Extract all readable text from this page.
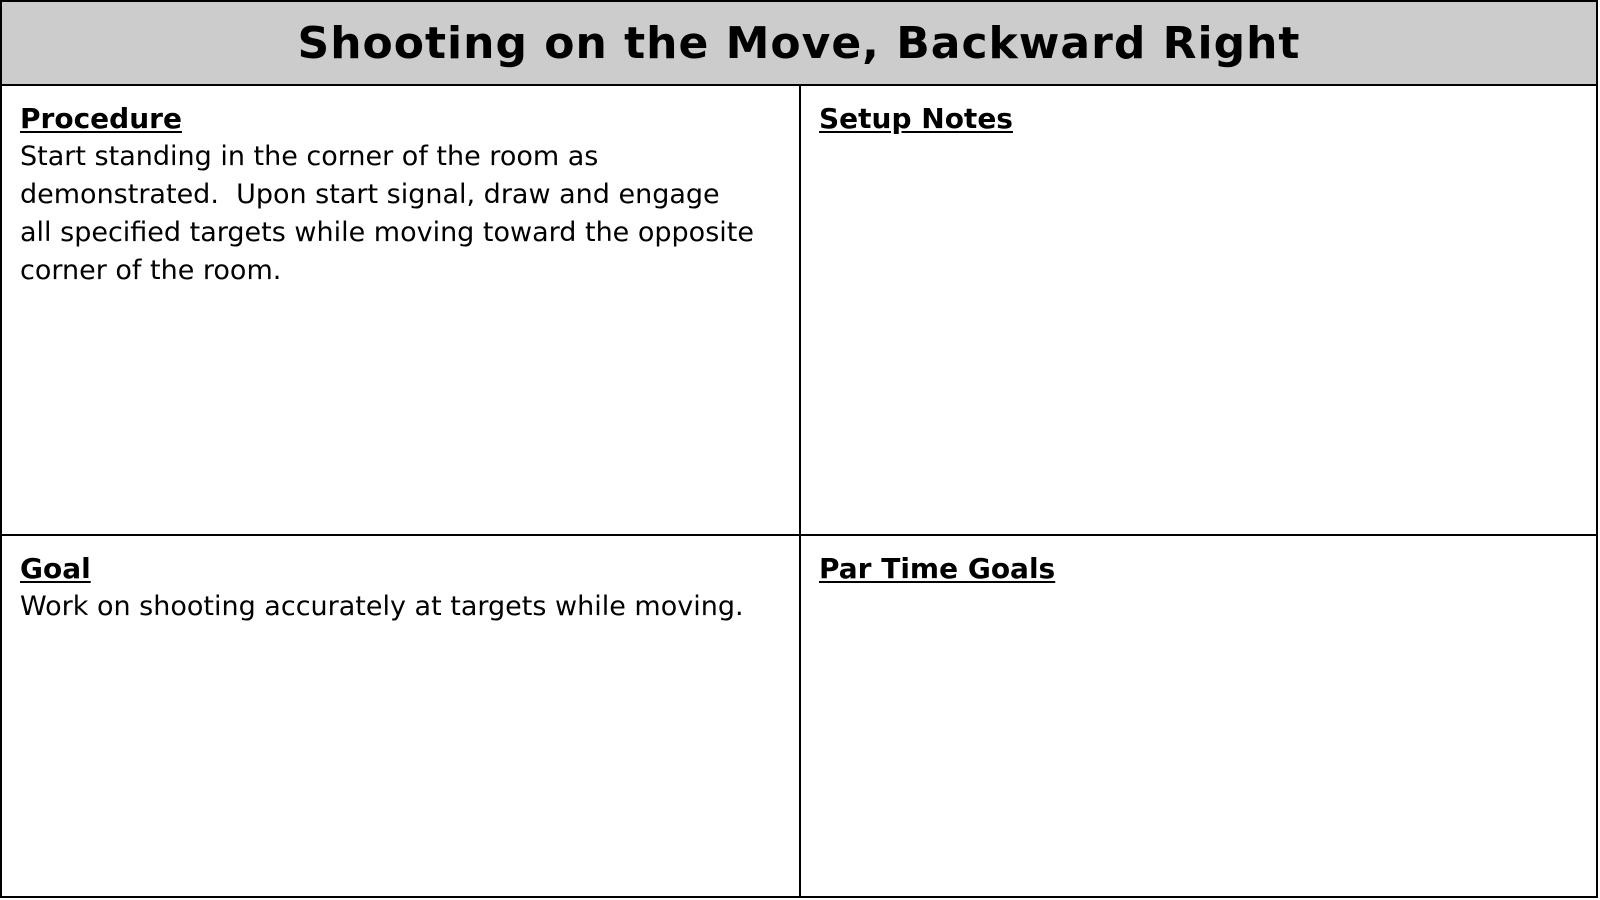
Shooting on the Move, Backward Right

Procedure

Start standing in the corner of the room as
demonstrated.  Upon start signal, draw and engage
all specified targets while moving toward the opposite
corner of the room.

Setup Notes

Goal

Work on shooting accurately at targets while moving.

Par Time Goals
